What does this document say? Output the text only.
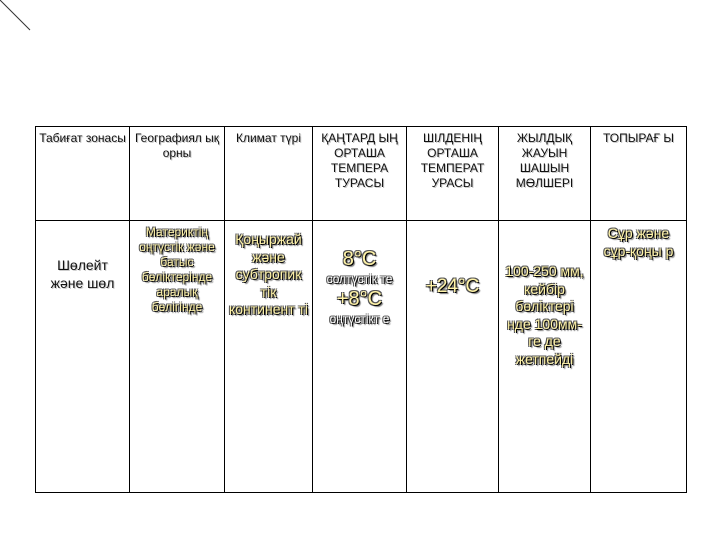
Табиғат зонасы	Географиял ық орны	Климат түрі	ҚАҢТАРД ЫҢ ОРТАША ТЕМПЕРА ТУРАСЫ	ШІЛДЕНІҢ ОРТАША ТЕМПЕРАТ УРАСЫ	ЖЫЛДЫҚ ЖАУЫН ШАШЫН МӨЛШЕРІ	ТОПЫРАҒ Ы
Шөлейт және шөл	Материктің оңтүстік және батыс бөліктерінде аралық бөлігінде	Қоңыржай және субтропик тік континент ті	8°С
солтүстік те
+8°С
оңтүстікт е	+24°С	100-250 мм, кейбір бөліктері нде 100мм-ге де жетпейді	Сұр және сұр-қоңы р
